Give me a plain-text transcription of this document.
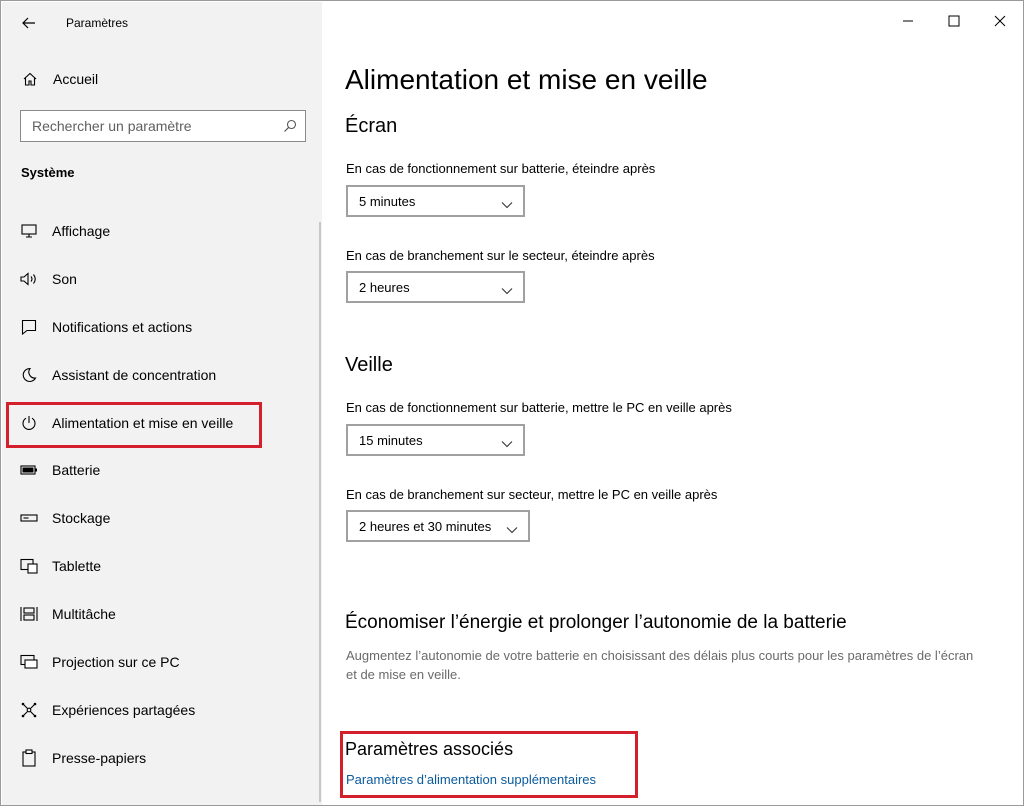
Paramètres
Accueil
Rechercher un paramètre
Système
Affichage
Son
Notifications et actions
Assistant de concentration
Alimentation et mise en veille
Batterie
Stockage
Tablette
Multitâche
Projection sur ce PC
Expériences partagées
Presse-papiers
Alimentation et mise en veille
Écran
En cas de fonctionnement sur batterie, éteindre après
5 minutes
En cas de branchement sur le secteur, éteindre après
2 heures
Veille
En cas de fonctionnement sur batterie, mettre le PC en veille après
15 minutes
En cas de branchement sur secteur, mettre le PC en veille après
2 heures et 30 minutes
Économiser l’énergie et prolonger l’autonomie de la batterie
Augmentez l’autonomie de votre batterie en choisissant des délais plus courts pour les paramètres de l’écran et de mise en veille.
Paramètres associés
Paramètres d’alimentation supplémentaires
